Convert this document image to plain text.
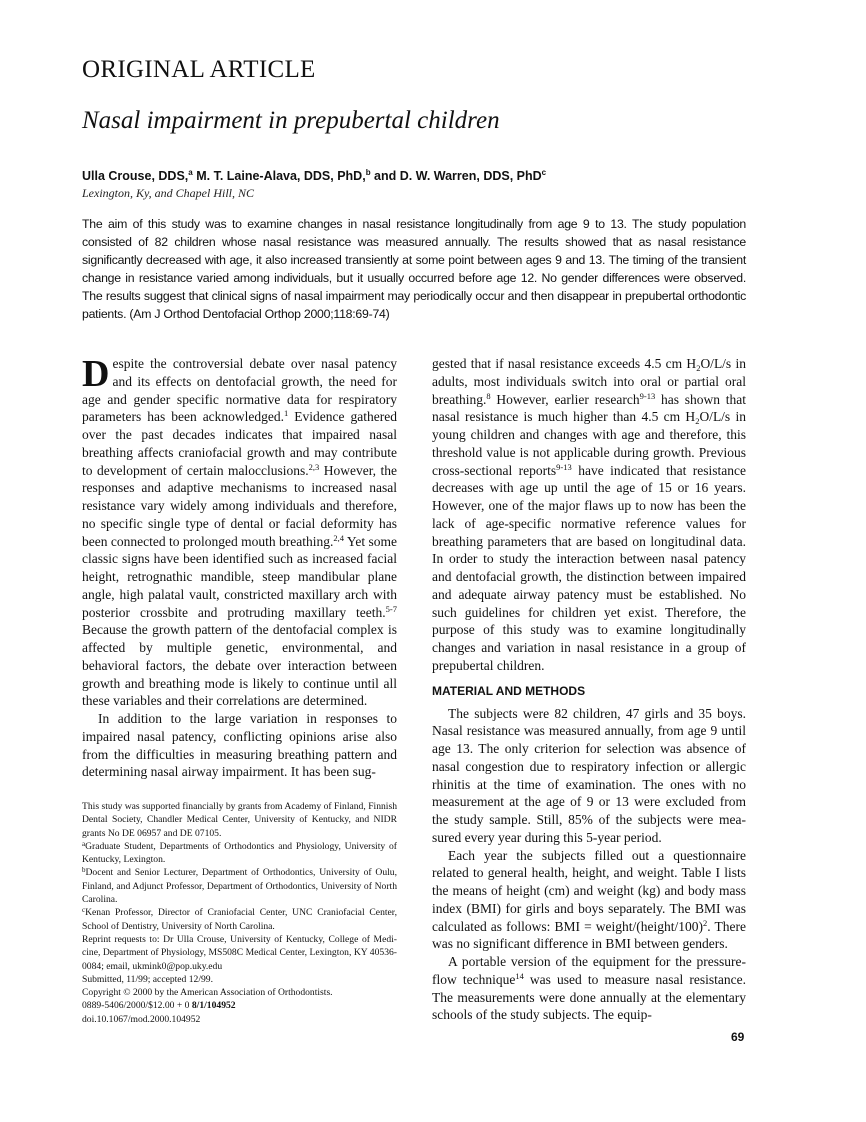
ORIGINAL ARTICLE
Nasal impairment in prepubertal children
Ulla Crouse, DDS,$^a$ M. T. Laine-Alava, DDS, PhD,$^b$ and D. W. Warren, DDS, PhD$^c$
Lexington, Ky, and Chapel Hill, NC
The aim of this study was to examine changes in nasal resistance longitudinally from age 9 to 13. The study population consisted of 82 children whose nasal resistance was measured annually. The results showed that as nasal resistance significantly decreased with age, it also increased transiently at some point between ages 9 and 13. The timing of the transient change in resistance varied among individuals, but it usually occurred before age 12. No gender differences were observed. The results suggest that clinical signs of nasal impairment may periodically occur and then disappear in prepubertal orthodontic patients. (Am J Orthod Dentofacial Orthop 2000;118:69-74)

Despite the controversial debate over nasal patency and its effects on dentofacial growth, the need for age and gender specific normative data for respiratory parameters has been acknowledged.$^1$ Evidence gathered over the past decades indicates that impaired nasal breathing affects craniofacial growth and may contribute to development of certain malocclusions.$^{2,3}$ However, the responses and adaptive mechanisms to increased nasal resistance vary widely among individuals and therefore, no specific single type of dental or facial deformity has been connected to prolonged mouth breathing.$^{2,4}$ Yet some classic signs have been identified such as increased facial height, retrognathic mandible, steep mandibular plane angle, high palatal vault, constricted maxillary arch with posterior crossbite and protruding maxillary teeth.$^{5-7}$ Because the growth pattern of the dentofacial complex is affected by multiple genetic, environmental, and behavioral factors, the debate over interaction between growth and breathing mode is likely to continue until all these variables and their correlations are determined.

In addition to the large variation in responses to impaired nasal patency, conflicting opinions arise also from the difficulties in measuring breathing pattern and determining nasal airway impairment. It has been sug-

gested that if nasal resistance exceeds 4.5 cm $H_2O/L/s$ in adults, most individuals switch into oral or partial oral breathing.$^8$ However, earlier research$^{9-13}$ has shown that nasal resistance is much higher than 4.5 cm $H_2O/L/s$ in young children and changes with age and therefore, this threshold value is not applicable during growth. Previous cross-sectional reports$^{9-13}$ have indicated that resistance decreases with age up until the age of 15 or 16 years. However, one of the major flaws up to now has been the lack of age-specific normative reference values for breathing parameters that are based on longitudinal data. In order to study the interaction between nasal patency and dentofacial growth, the distinction between impaired and adequate airway patency must be established. No such guidelines for children yet exist. Therefore, the purpose of this study was to examine longitudinally changes and variation in nasal resistance in a group of prepubertal children.

MATERIAL AND METHODS

The subjects were 82 children, 47 girls and 35 boys. Nasal resistance was measured annually, from age 9 until age 13. The only criterion for selection was absence of nasal congestion due to respiratory infection or allergic rhinitis at the time of examination. The ones with no measurement at the age of 9 or 13 were excluded from the study sample. Still, 85% of the subjects were measured every year during this 5-year period.

Each year the subjects filled out a questionnaire related to general health, height, and weight. Table I lists the means of height (cm) and weight (kg) and body mass index (BMI) for girls and boys separately. The BMI was calculated as follows: BMI = weight/(height/100)$^2$. There was no significant difference in BMI between genders.

A portable version of the equipment for the pressure-flow technique$^{14}$ was used to measure nasal resistance. The measurements were done annually at the elementary schools of the study subjects. The equip-

This study was supported financially by grants from Academy of Finland, Finnish Dental Society, Chandler Medical Center, University of Kentucky, and NIDR grants No DE 06957 and DE 07105.
$^a$Graduate Student, Departments of Orthodontics and Physiology, University of Kentucky, Lexington.
$^b$Docent and Senior Lecturer, Department of Orthodontics, University of Oulu, Finland, and Adjunct Professor, Department of Orthodontics, University of North Carolina.
$^c$Kenan Professor, Director of Craniofacial Center, UNC Craniofacial Center, School of Dentistry, University of North Carolina.
Reprint requests to: Dr Ulla Crouse, University of Kentucky, College of Medicine, Department of Physiology, MS508C Medical Center, Lexington, KY 40536-0084; email, ukmink0@pop.uky.edu
Submitted, 11/99; accepted 12/99.
Copyright © 2000 by the American Association of Orthodontists.
0889-5406/2000/$12.00 + 0 8/1/104952
doi.10.1067/mod.2000.104952
69
